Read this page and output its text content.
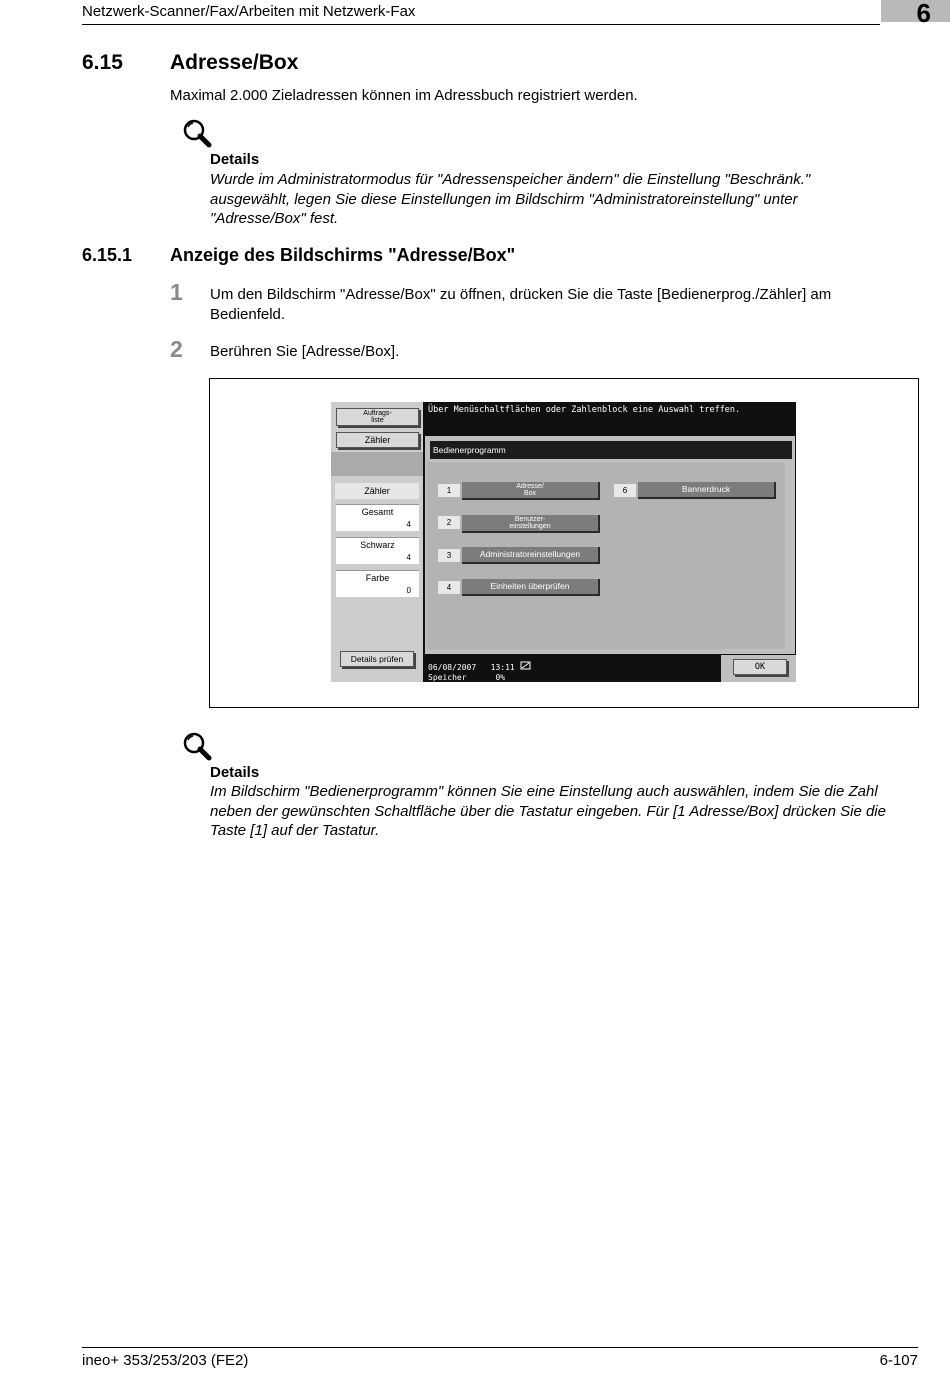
Netzwerk-Scanner/Fax/Arbeiten mit Netzwerk-Fax	6
6.15 Adresse/Box
Maximal 2.000 Zieladressen können im Adressbuch registriert werden.
Details
Wurde im Administratormodus für "Adressenspeicher ändern" die Einstellung "Beschränk."
ausgewählt, legen Sie diese Einstellungen im Bildschirm "Administratoreinstellung" unter
"Adresse/Box" fest.
6.15.1 Anzeige des Bildschirms "Adresse/Box"
1 Um den Bildschirm "Adresse/Box" zu öffnen, drücken Sie die Taste [Bedienerprog./Zähler] am
Bedienfeld.
2 Berühren Sie [Adresse/Box].
Auftrags-
liste
Zähler
Zähler
Gesamt
4
Schwarz
4
Farbe
0
Details prüfen
Über Menüschaltflächen oder Zahlenblock eine Auswahl treffen.
Bedienerprogramm
1	Adresse/
Box
2	Benutzer-
einstellungen
3	Administratoreinstellungen
4	Einheiten überprüfen
6	Bannerdruck
06/08/2007 13:11
Speicher	0%
OK
Details
Im Bildschirm "Bedienerprogramm" können Sie eine Einstellung auch auswählen, indem Sie die Zahl
neben der gewünschten Schaltfläche über die Tastatur eingeben. Für [1 Adresse/Box] drücken Sie die
Taste [1] auf der Tastatur.
ineo+ 353/253/203 (FE2)	6-107
